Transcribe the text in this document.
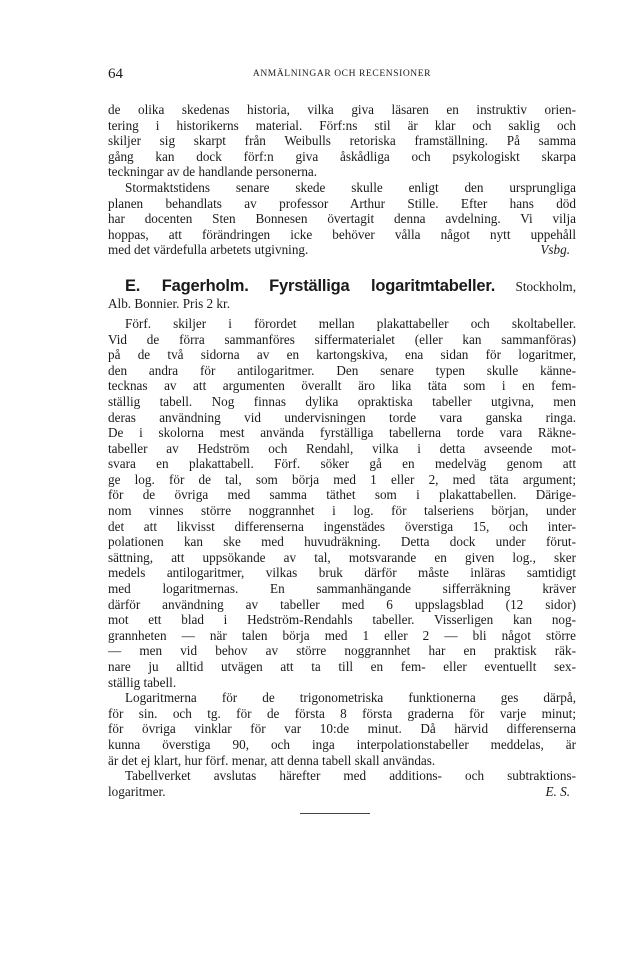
64	ANMÄLNINGAR OCH RECENSIONER

de olika skedenas historia, vilka giva läsaren en instruktiv orien-
tering i historikerns material. Förf:ns stil är klar och saklig och
skiljer sig skarpt från Weibulls retoriska framställning. På samma
gång kan dock förf:n giva åskådliga och psykologiskt skarpa
teckningar av de handlande personerna.

Stormaktstidens senare skede skulle enligt den ursprungliga
planen behandlats av professor Arthur Stille. Efter hans död
har docenten Sten Bonnesen övertagit denna avdelning. Vi vilja
hoppas, att förändringen icke behöver vålla något nytt uppehåll
med det värdefulla arbetets utgivning.	Vsbg.

E. Fagerholm. Fyrställiga logaritmtabeller. Stockholm,
Alb. Bonnier. Pris 2 kr.

Förf. skiljer i förordet mellan plakattabeller och skoltabeller.
Vid de förra sammanföres siffermaterialet (eller kan sammanföras)
på de två sidorna av en kartongskiva, ena sidan för logaritmer,
den andra för antilogaritmer. Den senare typen skulle känne-
tecknas av att argumenten överallt äro lika täta som i en fem-
ställig tabell. Nog finnas dylika opraktiska tabeller utgivna, men
deras användning vid undervisningen torde vara ganska ringa.
De i skolorna mest använda fyrställiga tabellerna torde vara Räkne-
tabeller av Hedström och Rendahl, vilka i detta avseende mot-
svara en plakattabell. Förf. söker gå en medelväg genom att
ge log. för de tal, som börja med 1 eller 2, med täta argument;
för de övriga med samma täthet som i plakattabellen. Därige-
nom vinnes större noggrannhet i log. för talseriens början, under
det att likvisst differenserna ingenstädes överstiga 15, och inter-
polationen kan ske med huvudräkning. Detta dock under förut-
sättning, att uppsökande av tal, motsvarande en given log., sker
medels antilogaritmer, vilkas bruk därför måste inläras samtidigt
med logaritmernas. En sammanhängande sifferräkning kräver
därför användning av tabeller med 6 uppslagsblad (12 sidor)
mot ett blad i Hedström-Rendahls tabeller. Visserligen kan nog-
grannheten — när talen börja med 1 eller 2 — bli något större
— men vid behov av större noggrannhet har en praktisk räk-
nare ju alltid utvägen att ta till en fem- eller eventuellt sex-
ställig tabell.

Logaritmerna för de trigonometriska funktionerna ges därpå,
för sin. och tg. för de första 8 första graderna för varje minut;
för övriga vinklar för var 10:de minut. Då härvid differenserna
kunna överstiga 90, och inga interpolationstabeller meddelas, är
är det ej klart, hur förf. menar, att denna tabell skall användas.

Tabellverket avslutas härefter med additions- och subtraktions-
logaritmer.	E. S.
